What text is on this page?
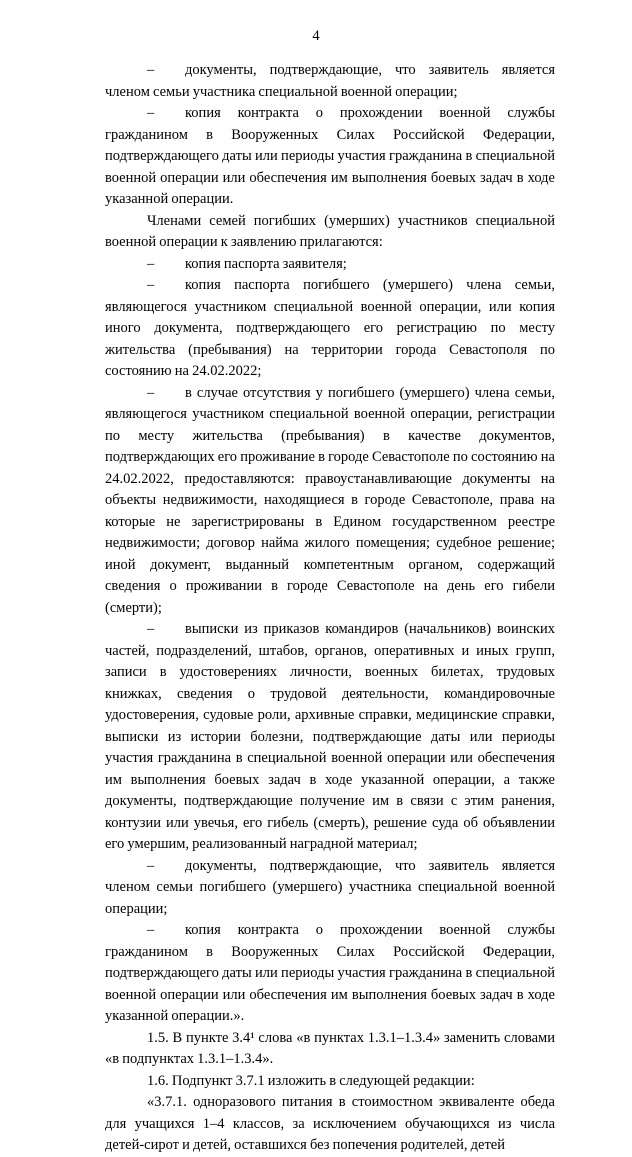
4

– документы, подтверждающие, что заявитель является членом семьи участника специальной военной операции;

– копия контракта о прохождении военной службы гражданином в Вооруженных Силах Российской Федерации, подтверждающего даты или периоды участия гражданина в специальной военной операции или обеспечения им выполнения боевых задач в ходе указанной операции.

Членами семей погибших (умерших) участников специальной военной операции к заявлению прилагаются:

– копия паспорта заявителя;

– копия паспорта погибшего (умершего) члена семьи, являющегося участником специальной военной операции, или копия иного документа, подтверждающего его регистрацию по месту жительства (пребывания) на территории города Севастополя по состоянию на 24.02.2022;

– в случае отсутствия у погибшего (умершего) члена семьи, являющегося участником специальной военной операции, регистрации по месту жительства (пребывания) в качестве документов, подтверждающих его проживание в городе Севастополе по состоянию на 24.02.2022, предоставляются: правоустанавливающие документы на объекты недвижимости, находящиеся в городе Севастополе, права на которые не зарегистрированы в Едином государственном реестре недвижимости; договор найма жилого помещения; судебное решение; иной документ, выданный компетентным органом, содержащий сведения о проживании в городе Севастополе на день его гибели (смерти);

– выписки из приказов командиров (начальников) воинских частей, подразделений, штабов, органов, оперативных и иных групп, записи в удостоверениях личности, военных билетах, трудовых книжках, сведения о трудовой деятельности, командировочные удостоверения, судовые роли, архивные справки, медицинские справки, выписки из истории болезни, подтверждающие даты или периоды участия гражданина в специальной военной операции или обеспечения им выполнения боевых задач в ходе указанной операции, а также документы, подтверждающие получение им в связи с этим ранения, контузии или увечья, его гибель (смерть), решение суда об объявлении его умершим, реализованный наградной материал;

– документы, подтверждающие, что заявитель является членом семьи погибшего (умершего) участника специальной военной операции;

– копия контракта о прохождении военной службы гражданином в Вооруженных Силах Российской Федерации, подтверждающего даты или периоды участия гражданина в специальной военной операции или обеспечения им выполнения боевых задач в ходе указанной операции.».

1.5. В пункте 3.4¹ слова «в пунктах 1.3.1–1.3.4» заменить словами «в подпунктах 1.3.1–1.3.4».

1.6. Подпункт 3.7.1 изложить в следующей редакции:

«3.7.1. одноразового питания в стоимостном эквиваленте обеда для учащихся 1–4 классов, за исключением обучающихся из числа детей-сирот и детей, оставшихся без попечения родителей, детей
